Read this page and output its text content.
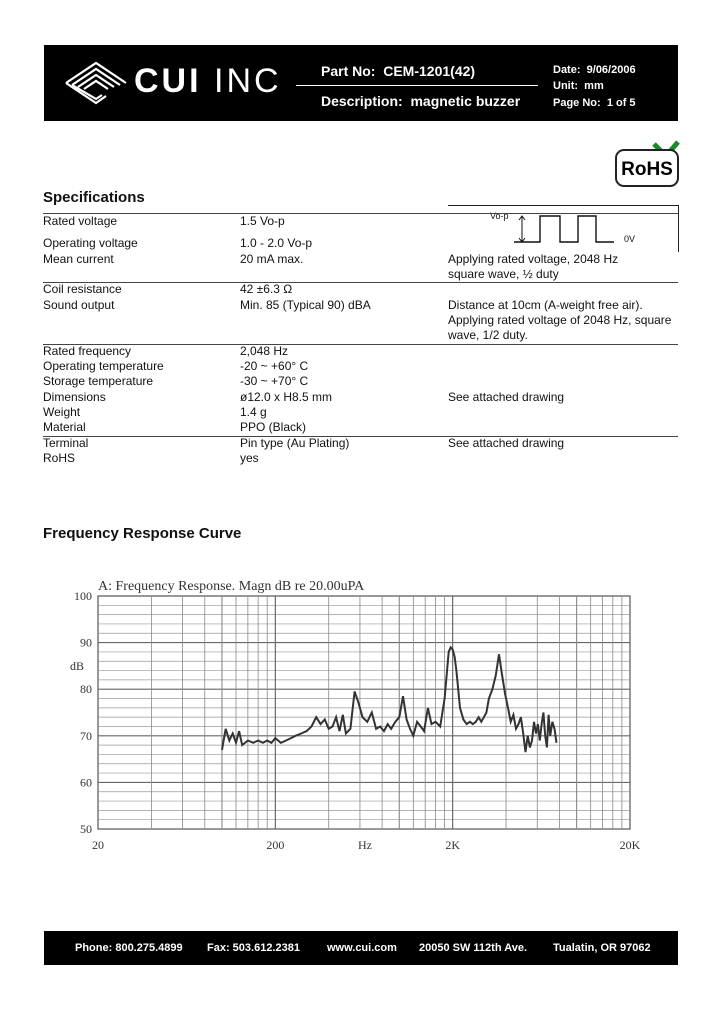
CUI INC	Part No: CEM-1201(42)
Description: magnetic buzzer
Date: 9/06/2006
Unit: mm
Page No: 1 of 5
RoHS
Specifications
Vo-p
0V
Rated voltage	1.5 Vo-p
Operating voltage	1.0 - 2.0 Vo-p
Mean current	20 mA max.	Applying rated voltage, 2048 Hz
square wave, ½ duty
Coil resistance	42 ±6.3 Ω
Sound output	Min. 85 (Typical 90) dBA	Distance at 10cm (A-weight free air).
Applying rated voltage of 2048 Hz, square
wave, 1/2 duty.
Rated frequency	2,048 Hz
Operating temperature	-20 ~ +60° C
Storage temperature	-30 ~ +70° C
Dimensions	ø12.0 x H8.5 mm	See attached drawing
Weight	1.4 g
Material	PPO (Black)
Terminal	Pin type (Au Plating)	See attached drawing
RoHS	yes
Frequency Response Curve
A: Frequency Response. Magn dB re 20.00uPA
dB
Hz
50
60
70
80
90
100
20	200	2K	20K
Phone: 800.275.4899 Fax: 503.612.2381 www.cui.com 20050 SW 112th Ave. Tualatin, OR 97062
